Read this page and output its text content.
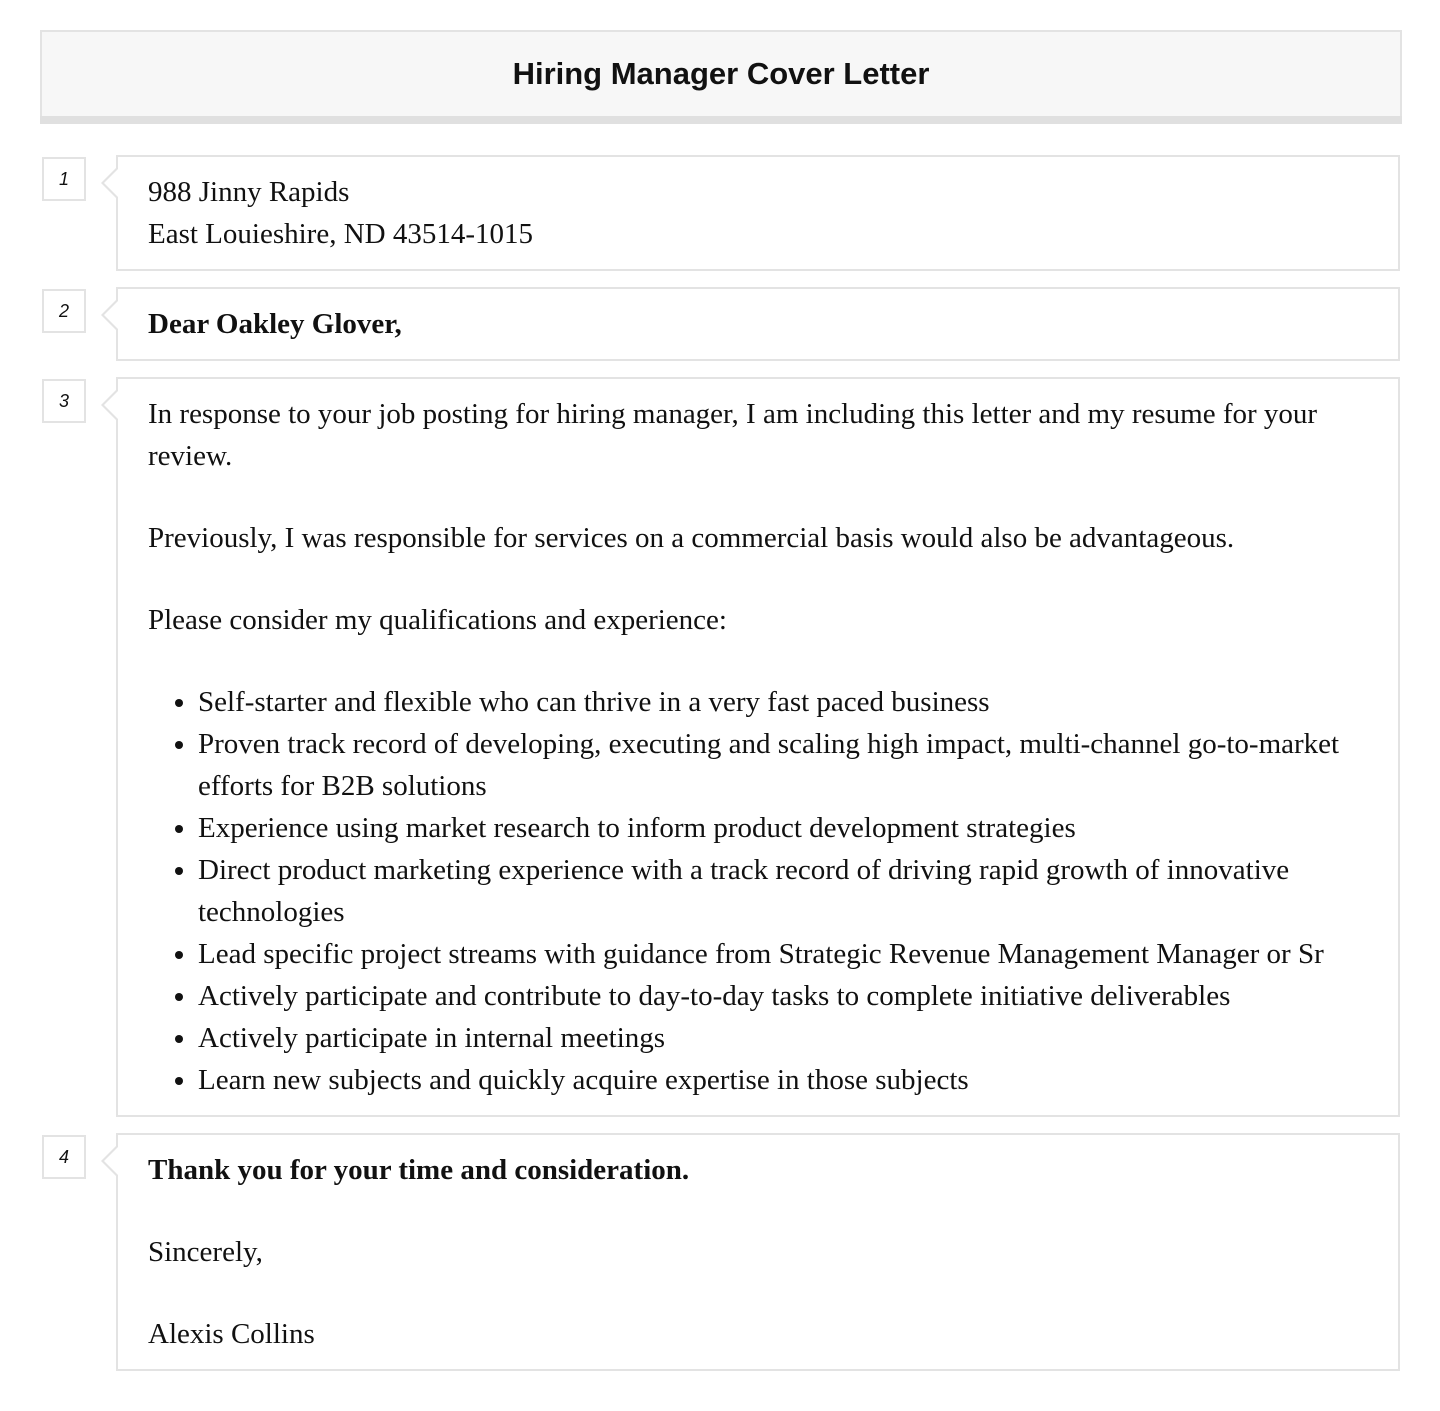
Hiring Manager Cover Letter
1	988 Jinny Rapids

East Louieshire, ND 43514-1015

2	Dear Oakley Glover,

3	In response to your job posting for hiring manager, I am including this letter and my resume for your review.

Previously, I was responsible for services on a commercial basis would also be advantageous.

Please consider my qualifications and experience:

• Self-starter and flexible who can thrive in a very fast paced business
• Proven track record of developing, executing and scaling high impact, multi-channel go-to-market efforts for B2B solutions
• Experience using market research to inform product development strategies
• Direct product marketing experience with a track record of driving rapid growth of innovative technologies
• Lead specific project streams with guidance from Strategic Revenue Management Manager or Sr
• Actively participate and contribute to day-to-day tasks to complete initiative deliverables
• Actively participate in internal meetings
• Learn new subjects and quickly acquire expertise in those subjects
4	Thank you for your time and consideration.

Sincerely,

Alexis Collins
